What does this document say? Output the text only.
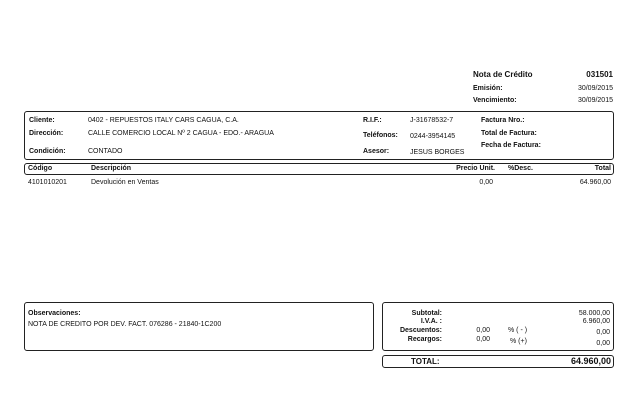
Nota de Crédito	031501
Emisión:	30/09/2015
Vencimiento:	30/09/2015
Cliente:	0402 - REPUESTOS ITALY CARS CAGUA, C.A.
Dirección:	CALLE COMERCIO LOCAL Nº 2 CAGUA - EDO.- ARAGUA
Condición:	CONTADO
R.I.F.:	J-31678532-7
Teléfonos: 0244-3954145
Asesor:	JESUS BORGES
Factura Nro.:
Total de Factura:
Fecha de Factura:
Código	Descripción	Precio Unit. %Desc.	Total
4101010201	Devolución en Ventas	0,00	64.960,00
Observaciones:
NOTA DE CREDITO POR DEV. FACT. 076286 - 21840-1C200
Subtotal:	58.000,00
I.V.A. :	6.960,00
Descuentos:	0,00	% ( - )	0,00
Recargos:	0,00	% (+)	0,00
TOTAL:	64.960,00
